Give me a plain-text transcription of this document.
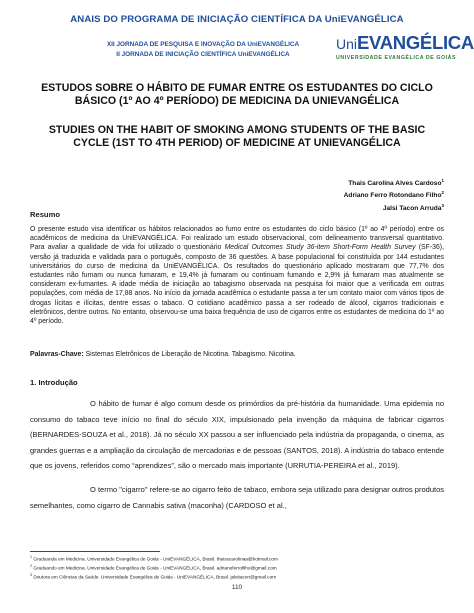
ANAIS DO PROGRAMA DE INICIAÇÃO CIENTÍFICA DA UniEVANGÉLICA
XII JORNADA DE PESQUISA E INOVAÇÃO DA UniEVANGÉLICA
II JORNADA DE INICIAÇÃO CIENTÍFICA UniEVANGÉLICA
UniEVANGÉLICA
UNIVERSIDADE EVANGÉLICA DE GOIÁS
ESTUDOS SOBRE O HÁBITO DE FUMAR ENTRE OS ESTUDANTES DO CICLO BÁSICO (1º AO 4º PERÍODO) DE MEDICINA DA UNIEVANGÉLICA
STUDIES ON THE HABIT OF SMOKING AMONG STUDENTS OF THE BASIC CYCLE (1ST TO 4TH PERIOD) OF MEDICINE AT UNIEVANGÉLICA
Thais Carolina Alves Cardoso$^1$
Adriano Ferro Rotondano Filho$^2$
Jalsi Tacon Arruda$^3$
Resumo
O presente estudo visa identificar os hábitos relacionados ao fumo entre os estudantes do ciclo básico (1º ao 4º período) entre os acadêmicos de medicina da UniEVANGÉLICA. Foi realizado um estudo observacional, com delineamento transversal quantitativo. Para avaliar a qualidade de vida foi utilizado o questionário Medical Outcomes Study 36-item Short-Form Health Survey (SF-36), versão já traduzida e validada para o português, composto de 36 questões. A base populacional foi constituída por 144 estudantes universitários do curso de medicina da UniEVANGÉLICA. Os resultados do questionário aplicado mostraram que 77,7% dos estudantes não fumam ou nunca fumaram, e 19,4% já fumaram ou continuam fumando e 2,9% já fumaram mas atualmente se consideram ex-fumantes. A idade média de iniciação ao tabagismo observada na pesquisa foi maior que a verificada em outras populações, com média de 17,88 anos. No início da jornada acadêmica o estudante passa a ter um contato maior com vários tipos de drogas lícitas e ilícitas, dentre essas o tabaco. O cotidiano acadêmico passa a ser rodeado de álcool, cigarros tradicionais e eletrônicos, dentre outros. No entanto, observou-se uma baixa frequência de uso de cigarros entre os estudantes de medicina do 1º ao 4º período.
Palavras-Chave: Sistemas Eletrônicos de Liberação de Nicotina. Tabagismo. Nicotina.
1. Introdução

O hábito de fumar é algo comum desde os primórdios da pré-história da humanidade. Uma epidemia no consumo do tabaco teve início no final do século XIX, impulsionado pela invenção da máquina de fabricar cigarros (BERNARDES-SOUZA et al., 2018). Já no século XX passou a ser influenciado pela indústria da propaganda, o cinema, as grandes guerras e a ampliação da circulação de mercadorias e de pessoas (SANTOS, 2018). A indústria do tabaco entende que os jovens, referidos como “aprendizes”, são o mercado mais importante (URRUTIA-PEREIRA et al., 2019).

O termo "cigarro" refere-se ao cigarro feito de tabaco, embora seja utilizado para designar outros produtos semelhantes, como cigarro de Cannabis sativa (maconha) (CARDOSO et al.,

$^1$ Graduanda em Medicina. Universidade Evangélica de Goiás - UniEVANGÉLICA, Brasil. thaisscarolinaa@hotmail.com
$^2$ Graduando em Medicina. Universidade Evangélica de Goiás - UniEVANGÉLICA, Brasil. adrianoferrofilho@gmail.com
$^3$ Doutora em Ciências da Saúde. Universidade Evangélica de Goiás - UniEVANGÉLICA, Brasil. jalsitacon@gmail.com
110
